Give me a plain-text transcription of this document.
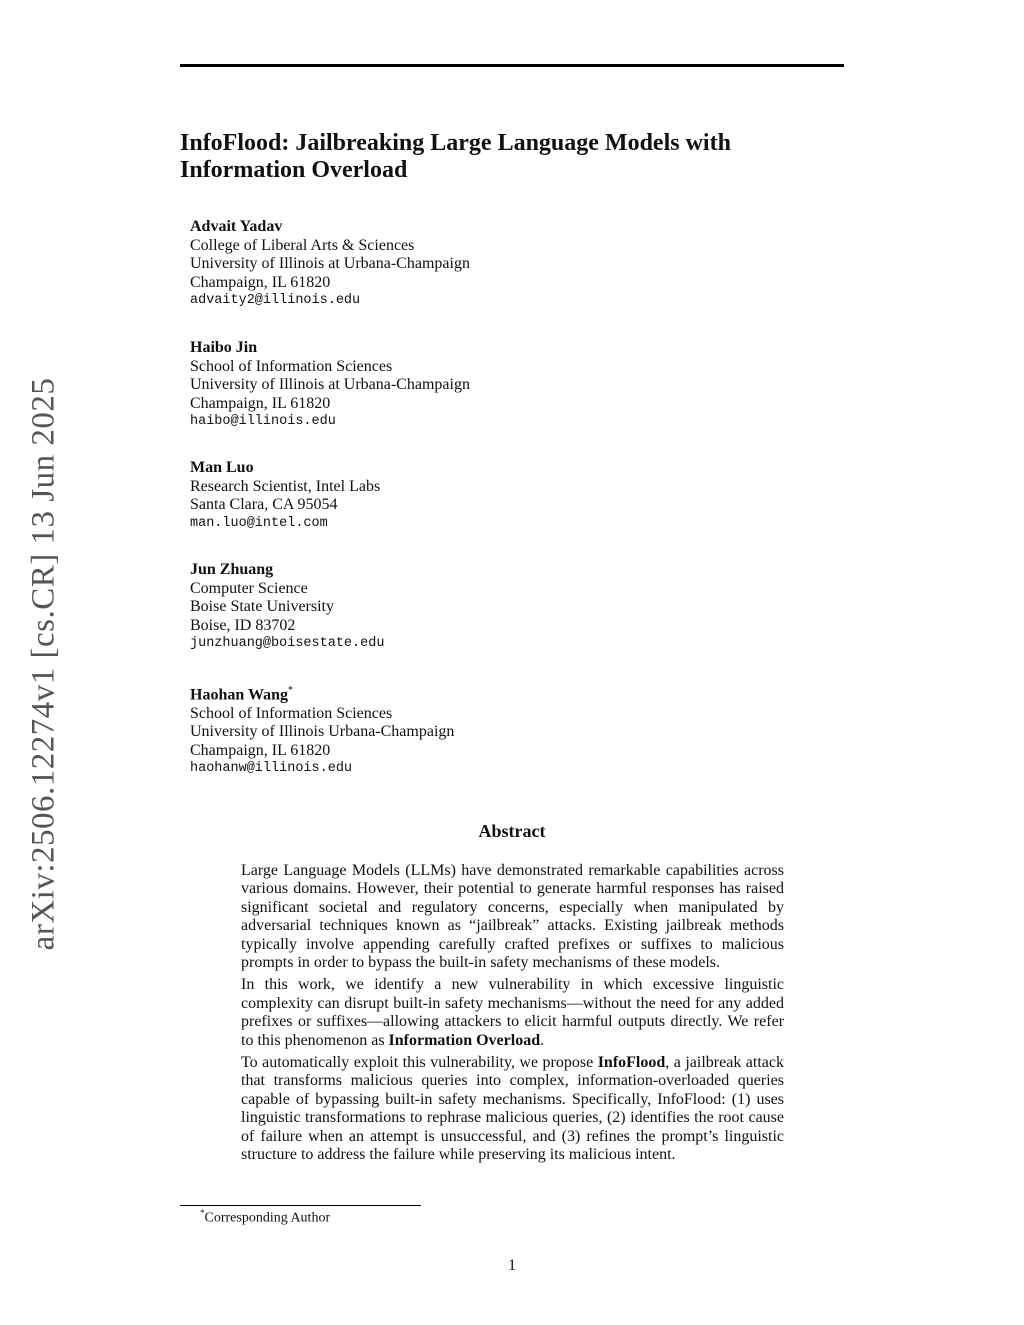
arXiv:2506.12274v1 [cs.CR] 13 Jun 2025
InfoFlood: Jailbreaking Large Language Models with Information Overload
Advait Yadav
College of Liberal Arts & Sciences
University of Illinois at Urbana-Champaign
Champaign, IL 61820
advaity2@illinois.edu
Haibo Jin
School of Information Sciences
University of Illinois at Urbana-Champaign
Champaign, IL 61820
haibo@illinois.edu
Man Luo
Research Scientist, Intel Labs
Santa Clara, CA 95054
man.luo@intel.com
Jun Zhuang
Computer Science
Boise State University
Boise, ID 83702
junzhuang@boisestate.edu
Haohan Wang*
School of Information Sciences
University of Illinois Urbana-Champaign
Champaign, IL 61820
haohanw@illinois.edu
Abstract

Large Language Models (LLMs) have demonstrated remarkable capabilities across various domains. However, their potential to generate harmful responses has raised significant societal and regulatory concerns, especially when manipulated by adversarial techniques known as “jailbreak” attacks. Existing jailbreak methods typically involve appending carefully crafted prefixes or suffixes to malicious prompts in order to bypass the built-in safety mechanisms of these models.

In this work, we identify a new vulnerability in which excessive linguistic complexity can disrupt built-in safety mechanisms—without the need for any added prefixes or suffixes—allowing attackers to elicit harmful outputs directly. We refer to this phenomenon as Information Overload.

To automatically exploit this vulnerability, we propose InfoFlood, a jailbreak attack that transforms malicious queries into complex, information-overloaded queries capable of bypassing built-in safety mechanisms. Specifically, InfoFlood: (1) uses linguistic transformations to rephrase malicious queries, (2) identifies the root cause of failure when an attempt is unsuccessful, and (3) refines the prompt’s linguistic structure to address the failure while preserving its malicious intent.

*Corresponding Author
1
